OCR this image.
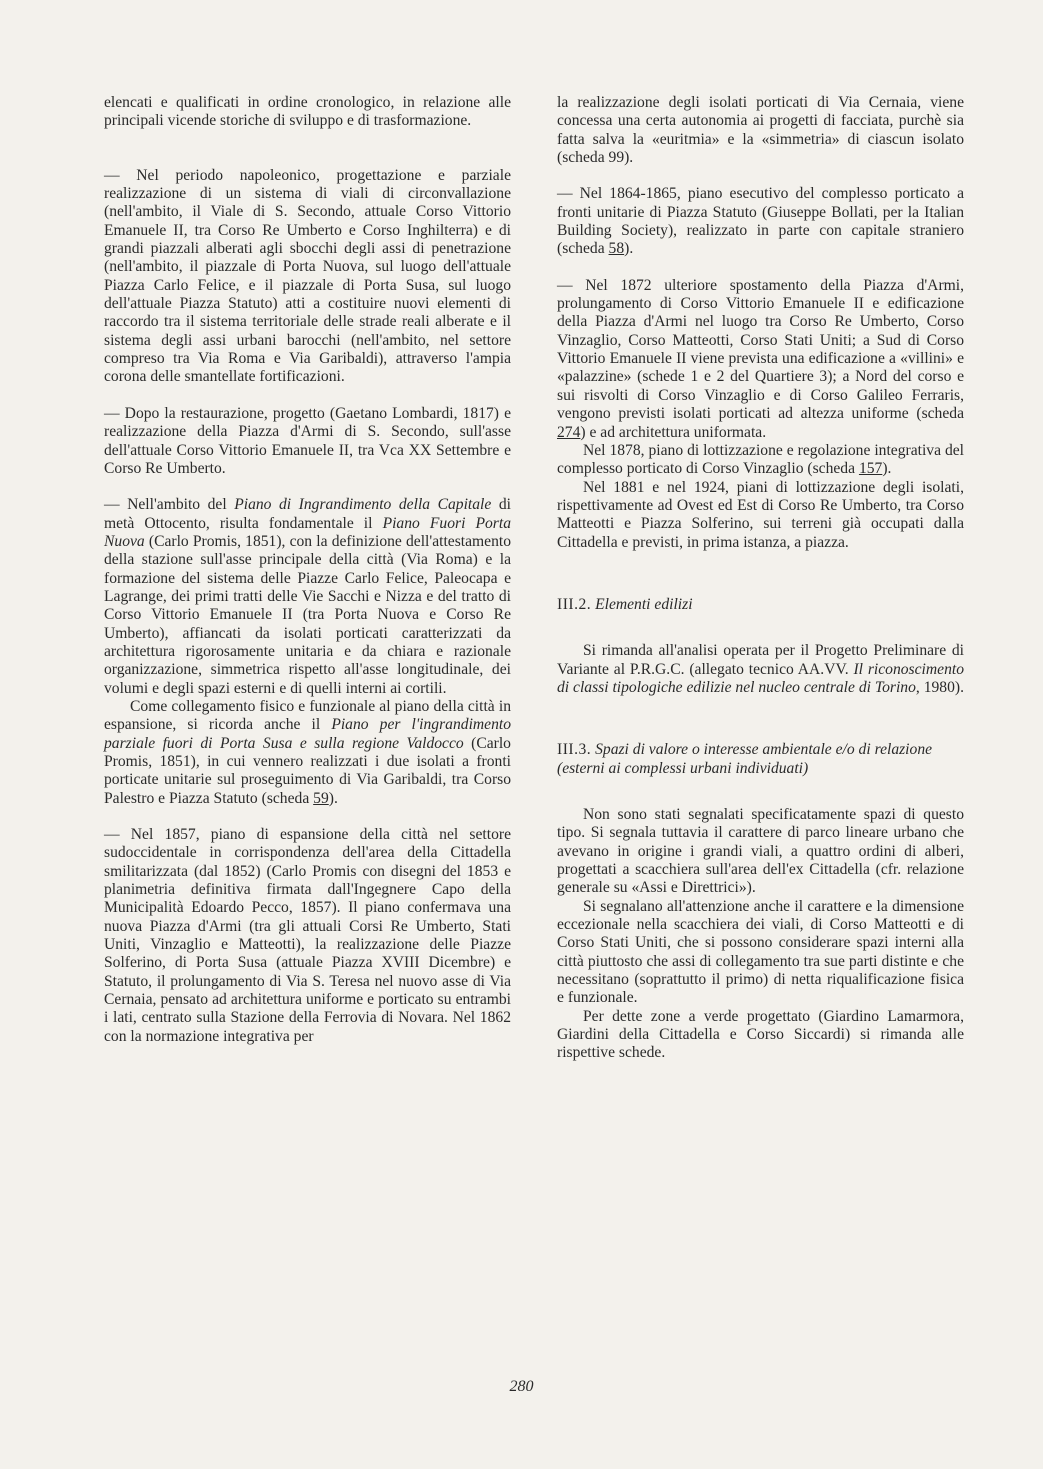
elencati e qualificati in ordine cronologico, in relazione alle principali vicende storiche di sviluppo e di trasformazione.

— Nel periodo napoleonico, progettazione e parziale realizzazione di un sistema di viali di circonvallazione (nell'ambito, il Viale di S. Secondo, attuale Corso Vittorio Emanuele II, tra Corso Re Umberto e Corso Inghilterra) e di grandi piazzali alberati agli sbocchi degli assi di penetrazione (nell'ambito, il piazzale di Porta Nuova, sul luogo dell'attuale Piazza Carlo Felice, e il piazzale di Porta Susa, sul luogo dell'attuale Piazza Statuto) atti a costituire nuovi elementi di raccordo tra il sistema territoriale delle strade reali alberate e il sistema degli assi urbani barocchi (nell'ambito, nel settore compreso tra Via Roma e Via Garibaldi), attraverso l'ampia corona delle smantellate fortificazioni.

— Dopo la restaurazione, progetto (Gaetano Lombardi, 1817) e realizzazione della Piazza d'Armi di S. Secondo, sull'asse dell'attuale Corso Vittorio Emanuele II, tra Vca XX Settembre e Corso Re Umberto.

— Nell'ambito del Piano di Ingrandimento della Capitale di metà Ottocento, risulta fondamentale il Piano Fuori Porta Nuova (Carlo Promis, 1851), con la definizione dell'attestamento della stazione sull'asse principale della città (Via Roma) e la formazione del sistema delle Piazze Carlo Felice, Paleocapa e Lagrange, dei primi tratti delle Vie Sacchi e Nizza e del tratto di Corso Vittorio Emanuele II (tra Porta Nuova e Corso Re Umberto), affiancati da isolati porticati caratterizzati da architettura rigorosamente unitaria e da chiara e razionale organizzazione, simmetrica rispetto all'asse longitudinale, dei volumi e degli spazi esterni e di quelli interni ai cortili.

Come collegamento fisico e funzionale al piano della città in espansione, si ricorda anche il Piano per l'ingrandimento parziale fuori di Porta Susa e sulla regione Valdocco (Carlo Promis, 1851), in cui vennero realizzati i due isolati a fronti porticate unitarie sul proseguimento di Via Garibaldi, tra Corso Palestro e Piazza Statuto (scheda 59).

— Nel 1857, piano di espansione della città nel settore sudoccidentale in corrispondenza dell'area della Cittadella smilitarizzata (dal 1852) (Carlo Promis con disegni del 1853 e planimetria definitiva firmata dall'Ingegnere Capo della Municipalità Edoardo Pecco, 1857). Il piano confermava una nuova Piazza d'Armi (tra gli attuali Corsi Re Umberto, Stati Uniti, Vinzaglio e Matteotti), la realizzazione delle Piazze Solferino, di Porta Susa (attuale Piazza XVIII Dicembre) e Statuto, il prolungamento di Via S. Teresa nel nuovo asse di Via Cernaia, pensato ad architettura uniforme e porticato su entrambi i lati, centrato sulla Stazione della Ferrovia di Novara. Nel 1862 con la normazione integrativa per

la realizzazione degli isolati porticati di Via Cernaia, viene concessa una certa autonomia ai progetti di facciata, purchè sia fatta salva la «euritmia» e la «simmetria» di ciascun isolato (scheda 99).

— Nel 1864-1865, piano esecutivo del complesso porticato a fronti unitarie di Piazza Statuto (Giuseppe Bollati, per la Italian Building Society), realizzato in parte con capitale straniero (scheda 58).

— Nel 1872 ulteriore spostamento della Piazza d'Armi, prolungamento di Corso Vittorio Emanuele II e edificazione della Piazza d'Armi nel luogo tra Corso Re Umberto, Corso Vinzaglio, Corso Matteotti, Corso Stati Uniti; a Sud di Corso Vittorio Emanuele II viene prevista una edificazione a «villini» e «palazzine» (schede 1 e 2 del Quartiere 3); a Nord del corso e sui risvolti di Corso Vinzaglio e di Corso Galileo Ferraris, vengono previsti isolati porticati ad altezza uniforme (scheda 274) e ad architettura uniformata.

Nel 1878, piano di lottizzazione e regolazione integrativa del complesso porticato di Corso Vinzaglio (scheda 157).

Nel 1881 e nel 1924, piani di lottizzazione degli isolati, rispettivamente ad Ovest ed Est di Corso Re Umberto, tra Corso Matteotti e Piazza Solferino, sui terreni già occupati dalla Cittadella e previsti, in prima istanza, a piazza.

III.2. Elementi edilizi

Si rimanda all'analisi operata per il Progetto Preliminare di Variante al P.R.G.C. (allegato tecnico AA.VV. Il riconoscimento di classi tipologiche edilizie nel nucleo centrale di Torino, 1980).

III.3. Spazi di valore o interesse ambientale e/o di relazione (esterni ai complessi urbani individuati)

Non sono stati segnalati specificatamente spazi di questo tipo. Si segnala tuttavia il carattere di parco lineare urbano che avevano in origine i grandi viali, a quattro ordini di alberi, progettati a scacchiera sull'area dell'ex Cittadella (cfr. relazione generale su «Assi e Direttrici»).

Si segnalano all'attenzione anche il carattere e la dimensione eccezionale nella scacchiera dei viali, di Corso Matteotti e di Corso Stati Uniti, che si possono considerare spazi interni alla città piuttosto che assi di collegamento tra sue parti distinte e che necessitano (soprattutto il primo) di netta riqualificazione fisica e funzionale.

Per dette zone a verde progettato (Giardino Lamarmora, Giardini della Cittadella e Corso Siccardi) si rimanda alle rispettive schede.

280
